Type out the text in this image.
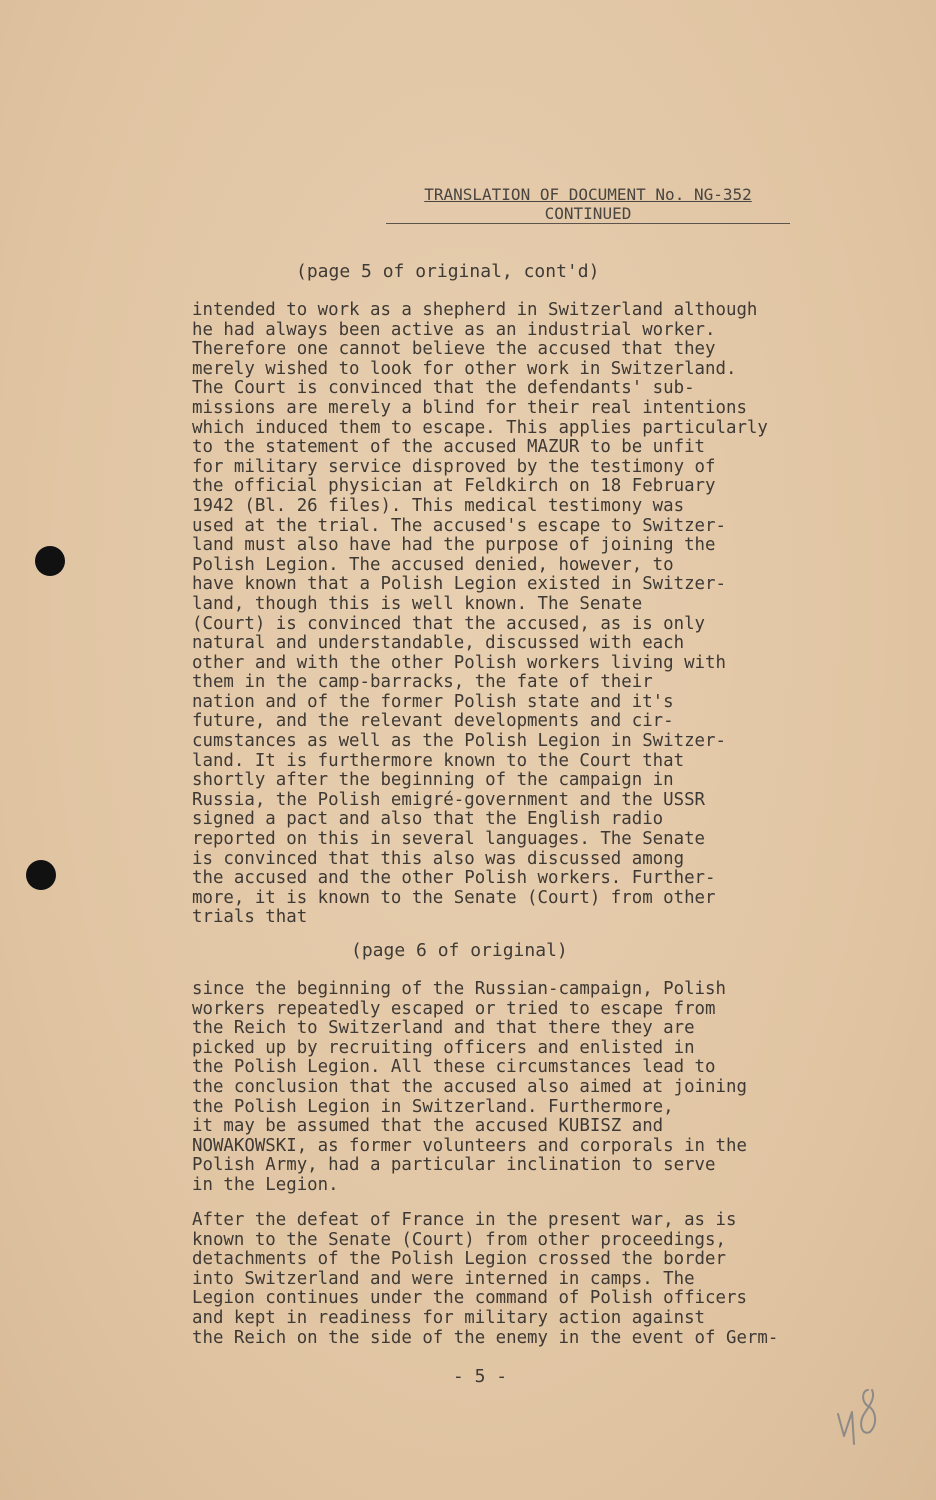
TRANSLATION OF DOCUMENT No. NG-352
CONTINUED
(page 5 of original, cont'd)
intended to work as a shepherd in Switzerland although
he had always been active as an industrial worker.
Therefore one cannot believe the accused that they
merely wished to look for other work in Switzerland.
The Court is convinced that the defendants' sub-
missions are merely a blind for their real intentions
which induced them to escape. This applies particularly
to the statement of the accused MAZUR to be unfit
for military service disproved by the testimony of
the official physician at Feldkirch on 18 February
1942 (Bl. 26 files). This medical testimony was
used at the trial. The accused's escape to Switzer-
land must also have had the purpose of joining the
Polish Legion. The accused denied, however, to
have known that a Polish Legion existed in Switzer-
land, though this is well known. The Senate
(Court) is convinced that the accused, as is only
natural and understandable, discussed with each
other and with the other Polish workers living with
them in the camp-barracks, the fate of their
nation and of the former Polish state and it's
future, and the relevant developments and cir-
cumstances as well as the Polish Legion in Switzer-
land. It is furthermore known to the Court that
shortly after the beginning of the campaign in
Russia, the Polish emigré-government and the USSR
signed a pact and also that the English radio
reported on this in several languages. The Senate
is convinced that this also was discussed among
the accused and the other Polish workers. Further-
more, it is known to the Senate (Court) from other
trials that
(page 6 of original)
since the beginning of the Russian-campaign, Polish
workers repeatedly escaped or tried to escape from
the Reich to Switzerland and that there they are
picked up by recruiting officers and enlisted in
the Polish Legion. All these circumstances lead to
the conclusion that the accused also aimed at joining
the Polish Legion in Switzerland. Furthermore,
it may be assumed that the accused KUBISZ and
NOWAKOWSKI, as former volunteers and corporals in the
Polish Army, had a particular inclination to serve
in the Legion.
After the defeat of France in the present war, as is
known to the Senate (Court) from other proceedings,
detachments of the Polish Legion crossed the border
into Switzerland and were interned in camps. The
Legion continues under the command of Polish officers
and kept in readiness for military action against
the Reich on the side of the enemy in the event of Germ-
- 5 -
